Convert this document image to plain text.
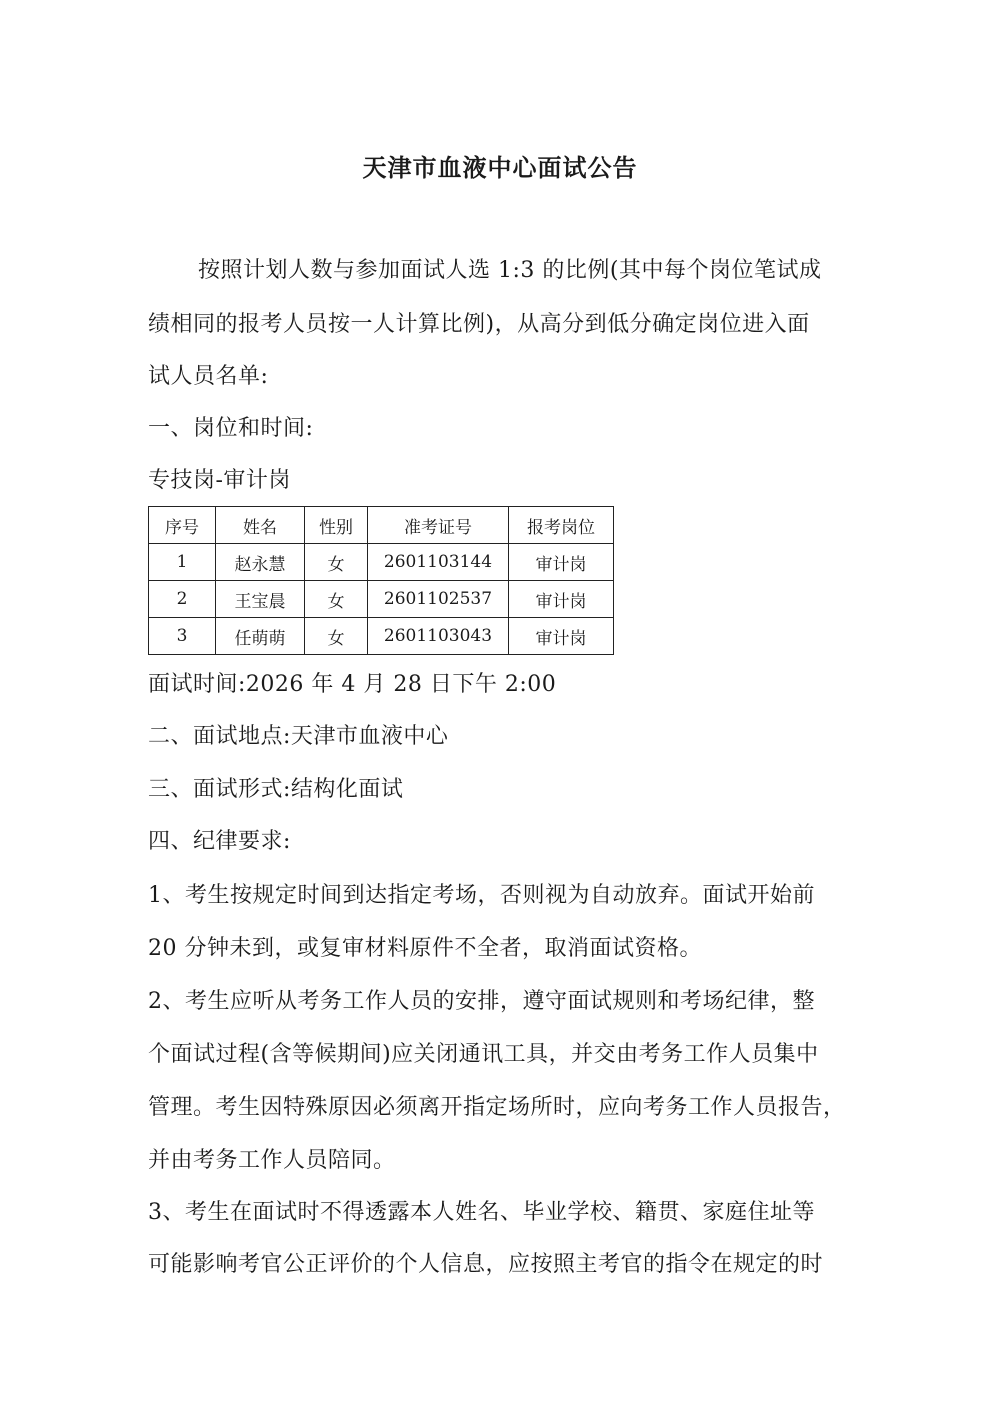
天津市血液中心面试公告
按照计划人数与参加面试人选 1:3 的比例(其中每个岗位笔试成
绩相同的报考人员按一人计算比例)，从高分到低分确定岗位进入面
试人员名单:
一、岗位和时间:
专技岗-审计岗
序号	姓名	性别	准考证号	报考岗位
1	赵永慧	女	2601103144	审计岗
2	王宝晨	女	2601102537	审计岗
3	任萌萌	女	2601103043	审计岗
面试时间:2026 年 4 月 28 日下午 2:00
二、面试地点:天津市血液中心
三、面试形式:结构化面试
四、纪律要求:
1、考生按规定时间到达指定考场，否则视为自动放弃。面试开始前
20 分钟未到，或复审材料原件不全者，取消面试资格。
2、考生应听从考务工作人员的安排，遵守面试规则和考场纪律，整
个面试过程(含等候期间)应关闭通讯工具，并交由考务工作人员集中
管理。考生因特殊原因必须离开指定场所时，应向考务工作人员报告，
并由考务工作人员陪同。
3、考生在面试时不得透露本人姓名、毕业学校、籍贯、家庭住址等
可能影响考官公正评价的个人信息，应按照主考官的指令在规定的时
